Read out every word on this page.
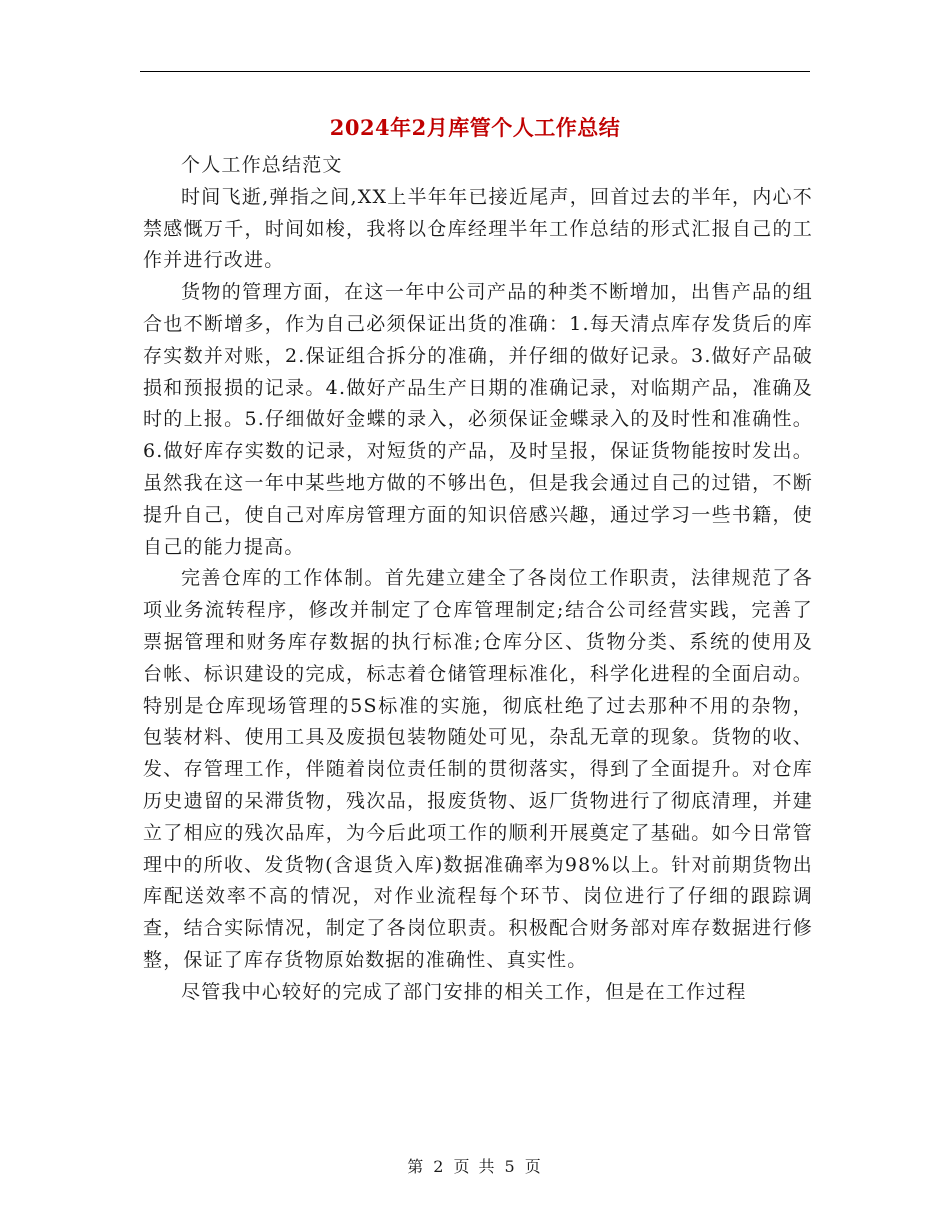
2024年2月库管个人工作总结

个人工作总结范文

时间飞逝,弹指之间,XX上半年年已接近尾声，回首过去的半年，内心不禁感慨万千，时间如梭，我将以仓库经理半年工作总结的形式汇报自己的工作并进行改进。

货物的管理方面，在这一年中公司产品的种类不断增加，出售产品的组合也不断增多，作为自己必须保证出货的准确：1.每天清点库存发货后的库存实数并对账，2.保证组合拆分的准确，并仔细的做好记录。3.做好产品破损和预报损的记录。4.做好产品生产日期的准确记录，对临期产品，准确及时的上报。5.仔细做好金蝶的录入，必须保证金蝶录入的及时性和准确性。6.做好库存实数的记录，对短货的产品，及时呈报，保证货物能按时发出。虽然我在这一年中某些地方做的不够出色，但是我会通过自己的过错，不断提升自己，使自己对库房管理方面的知识倍感兴趣，通过学习一些书籍，使自己的能力提高。

完善仓库的工作体制。首先建立建全了各岗位工作职责，法律规范了各项业务流转程序，修改并制定了仓库管理制定;结合公司经营实践，完善了票据管理和财务库存数据的执行标准;仓库分区、货物分类、系统的使用及台帐、标识建设的完成，标志着仓储管理标准化，科学化进程的全面启动。特别是仓库现场管理的5S标准的实施，彻底杜绝了过去那种不用的杂物，包装材料、使用工具及废损包装物随处可见，杂乱无章的现象。货物的收、发、存管理工作，伴随着岗位责任制的贯彻落实，得到了全面提升。对仓库历史遗留的呆滞货物，残次品，报废货物、返厂货物进行了彻底清理，并建立了相应的残次品库，为今后此项工作的顺利开展奠定了基础。如今日常管理中的所收、发货物(含退货入库)数据准确率为98%以上。针对前期货物出库配送效率不高的情况，对作业流程每个环节、岗位进行了仔细的跟踪调查，结合实际情况，制定了各岗位职责。积极配合财务部对库存数据进行修整，保证了库存货物原始数据的准确性、真实性。

尽管我中心较好的完成了部门安排的相关工作，但是在工作过程

第 2 页 共 5 页
